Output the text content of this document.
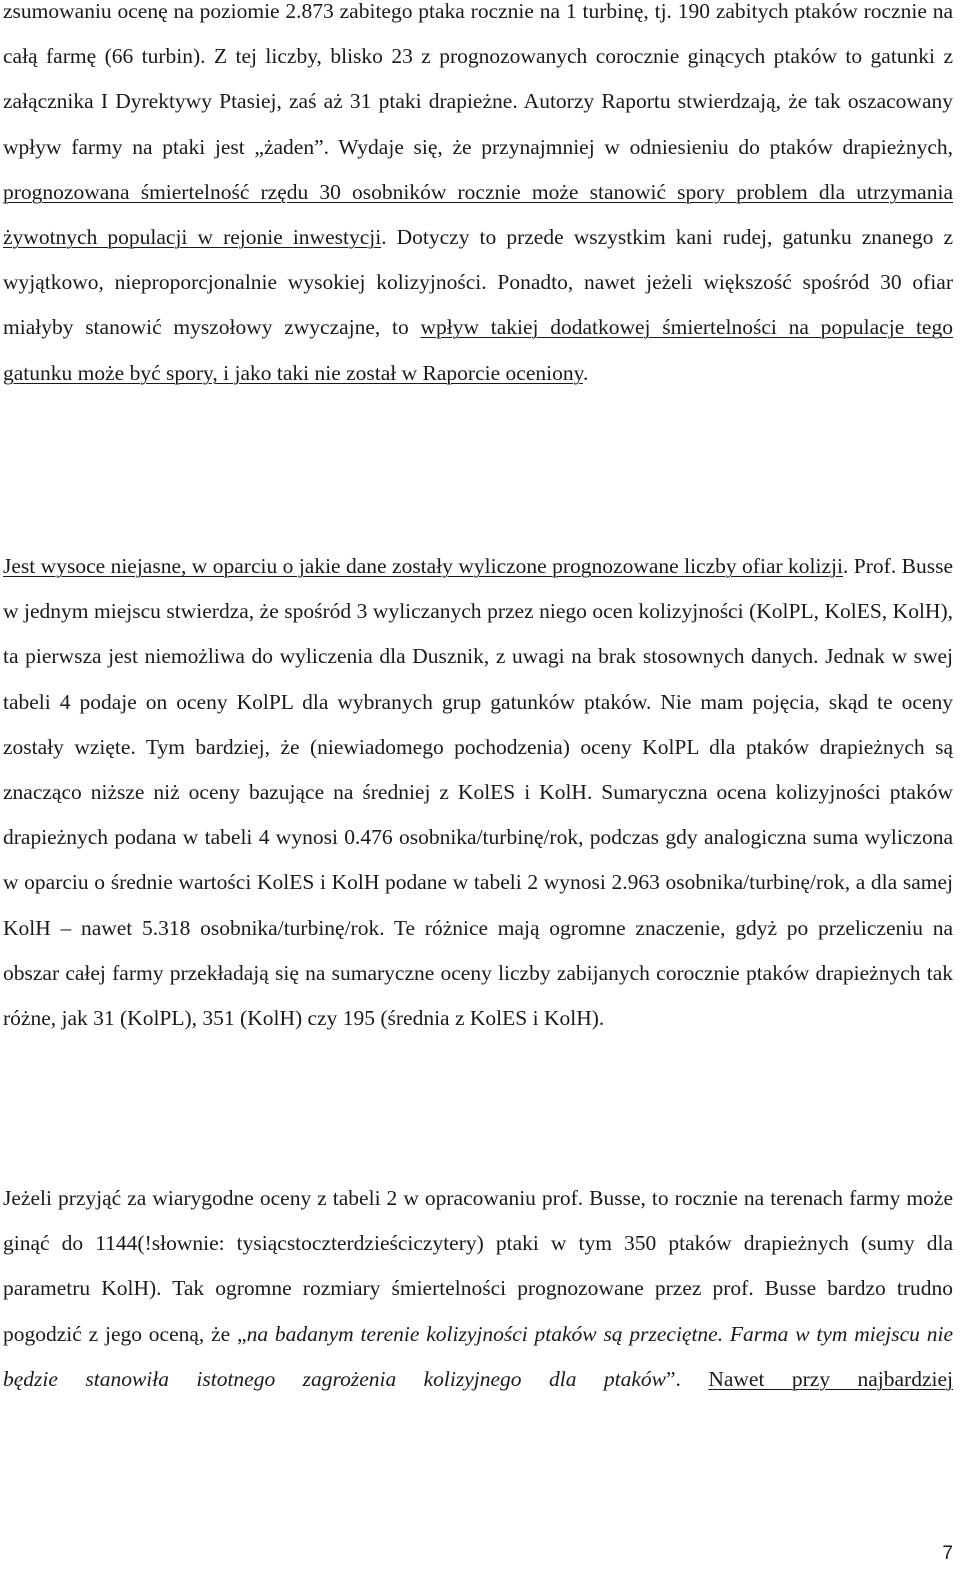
zsumowaniu ocenę na poziomie 2.873 zabitego ptaka rocznie na 1 turbinę, tj. 190 zabitych ptaków rocznie na całą farmę (66 turbin). Z tej liczby, blisko 23 z prognozowanych corocznie ginących ptaków to gatunki z załącznika I Dyrektywy Ptasiej, zaś aż 31 ptaki drapieżne. Autorzy Raportu stwierdzają, że tak oszacowany wpływ farmy na ptaki jest „żaden”. Wydaje się, że przynajmniej w odniesieniu do ptaków drapieżnych, prognozowana śmiertelność rzędu 30 osobników rocznie może stanowić spory problem dla utrzymania żywotnych populacji w rejonie inwestycji. Dotyczy to przede wszystkim kani rudej, gatunku znanego z wyjątkowo, nieproporcjonalnie wysokiej kolizyjności. Ponadto, nawet jeżeli większość spośród 30 ofiar miałyby stanowić myszołowy zwyczajne, to wpływ takiej dodatkowej śmiertelności na populacje tego gatunku może być spory, i jako taki nie został w Raporcie oceniony.

Jest wysoce niejasne, w oparciu o jakie dane zostały wyliczone prognozowane liczby ofiar kolizji. Prof. Busse w jednym miejscu stwierdza, że spośród 3 wyliczanych przez niego ocen kolizyjności (KolPL, KolES, KolH), ta pierwsza jest niemożliwa do wyliczenia dla Dusznik, z uwagi na brak stosownych danych. Jednak w swej tabeli 4 podaje on oceny KolPL dla wybranych grup gatunków ptaków. Nie mam pojęcia, skąd te oceny zostały wzięte. Tym bardziej, że (niewiadomego pochodzenia) oceny KolPL dla ptaków drapieżnych są znacząco niższe niż oceny bazujące na średniej z KolES i KolH. Sumaryczna ocena kolizyjności ptaków drapieżnych podana w tabeli 4 wynosi 0.476 osobnika/turbinę/rok, podczas gdy analogiczna suma wyliczona w oparciu o średnie wartości KolES i KolH podane w tabeli 2 wynosi 2.963 osobnika/turbinę/rok, a dla samej KolH – nawet 5.318 osobnika/turbinę/rok. Te różnice mają ogromne znaczenie, gdyż po przeliczeniu na obszar całej farmy przekładają się na sumaryczne oceny liczby zabijanych corocznie ptaków drapieżnych tak różne, jak 31 (KolPL), 351 (KolH) czy 195 (średnia z KolES i KolH).

Jeżeli przyjąć za wiarygodne oceny z tabeli 2 w opracowaniu prof. Busse, to rocznie na terenach farmy może ginąć do 1144(!słownie: tysiącstoczterdzieściczytery) ptaki w tym 350 ptaków drapieżnych (sumy dla parametru KolH). Tak ogromne rozmiary śmiertelności prognozowane przez prof. Busse bardzo trudno pogodzić z jego oceną, że „na badanym terenie kolizyjności ptaków są przeciętne. Farma w tym miejscu nie będzie stanowiła istotnego zagrożenia kolizyjnego dla ptaków”. Nawet przy najbardziej

7
